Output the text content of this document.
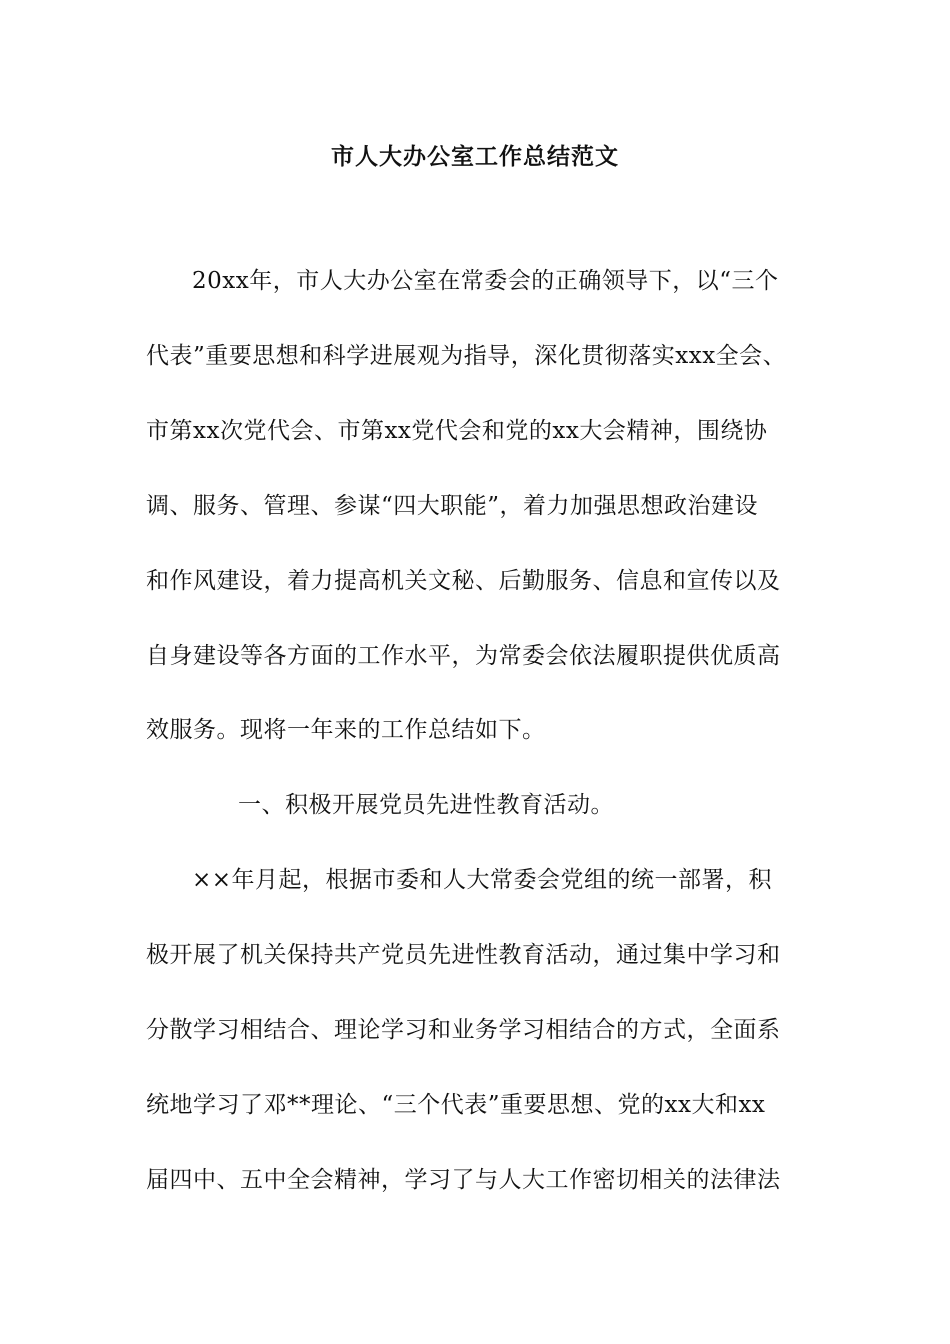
市人大办公室工作总结范文
20xx年，市人大办公室在常委会的正确领导下，以“三个
代表”重要思想和科学进展观为指导，深化贯彻落实xxx全会、
市第xx次党代会、市第xx党代会和党的xx大会精神，围绕协
调、服务、管理、参谋“四大职能”，着力加强思想政治建设
和作风建设，着力提高机关文秘、后勤服务、信息和宣传以及
自身建设等各方面的工作水平，为常委会依法履职提供优质高
效服务。现将一年来的工作总结如下。
一、积极开展党员先进性教育活动。
××年月起，根据市委和人大常委会党组的统一部署，积
极开展了机关保持共产党员先进性教育活动，通过集中学习和
分散学习相结合、理论学习和业务学习相结合的方式，全面系
统地学习了邓**理论、“三个代表”重要思想、党的xx大和xx
届四中、五中全会精神，学习了与人大工作密切相关的法律法
